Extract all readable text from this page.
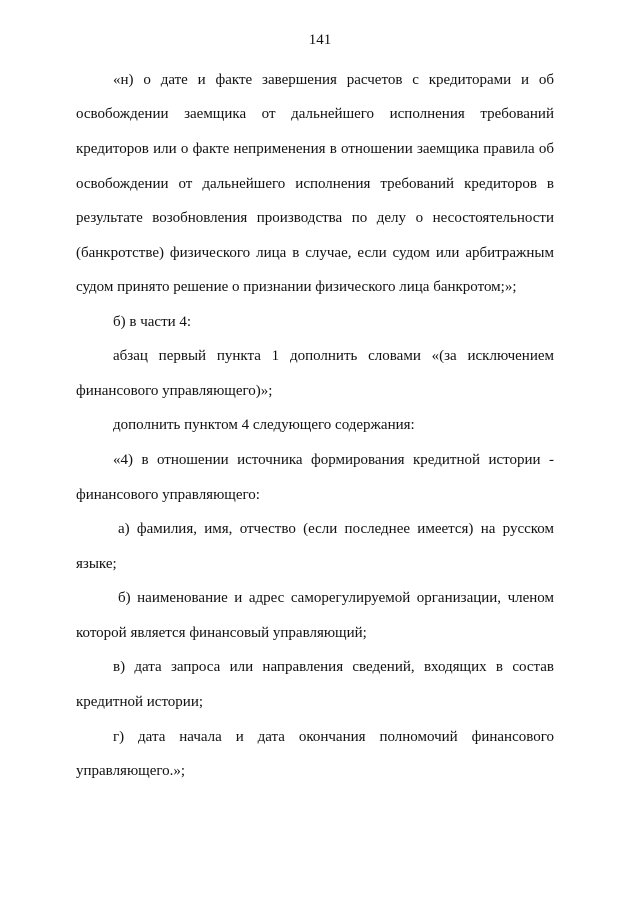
141
«н) о дате и факте завершения расчетов с кредиторами и об
освобождении заемщика от дальнейшего исполнения требований
кредиторов или о факте неприменения в отношении заемщика правила об
освобождении от дальнейшего исполнения требований кредиторов в
результате возобновления производства по делу о несостоятельности
(банкротстве) физического лица в случае, если судом или арбитражным
судом принято решение о признании физического лица банкротом;»;
б) в части 4:
абзац первый пункта 1 дополнить словами «(за исключением
финансового управляющего)»;
дополнить пунктом 4 следующего содержания:
«4) в отношении источника формирования кредитной истории -
финансового управляющего:
а) фамилия, имя, отчество (если последнее имеется) на русском
языке;
б) наименование и адрес саморегулируемой организации, членом
которой является финансовый управляющий;
в) дата запроса или направления сведений, входящих в состав
кредитной истории;
г) дата начала и дата окончания полномочий финансового
управляющего.»;
